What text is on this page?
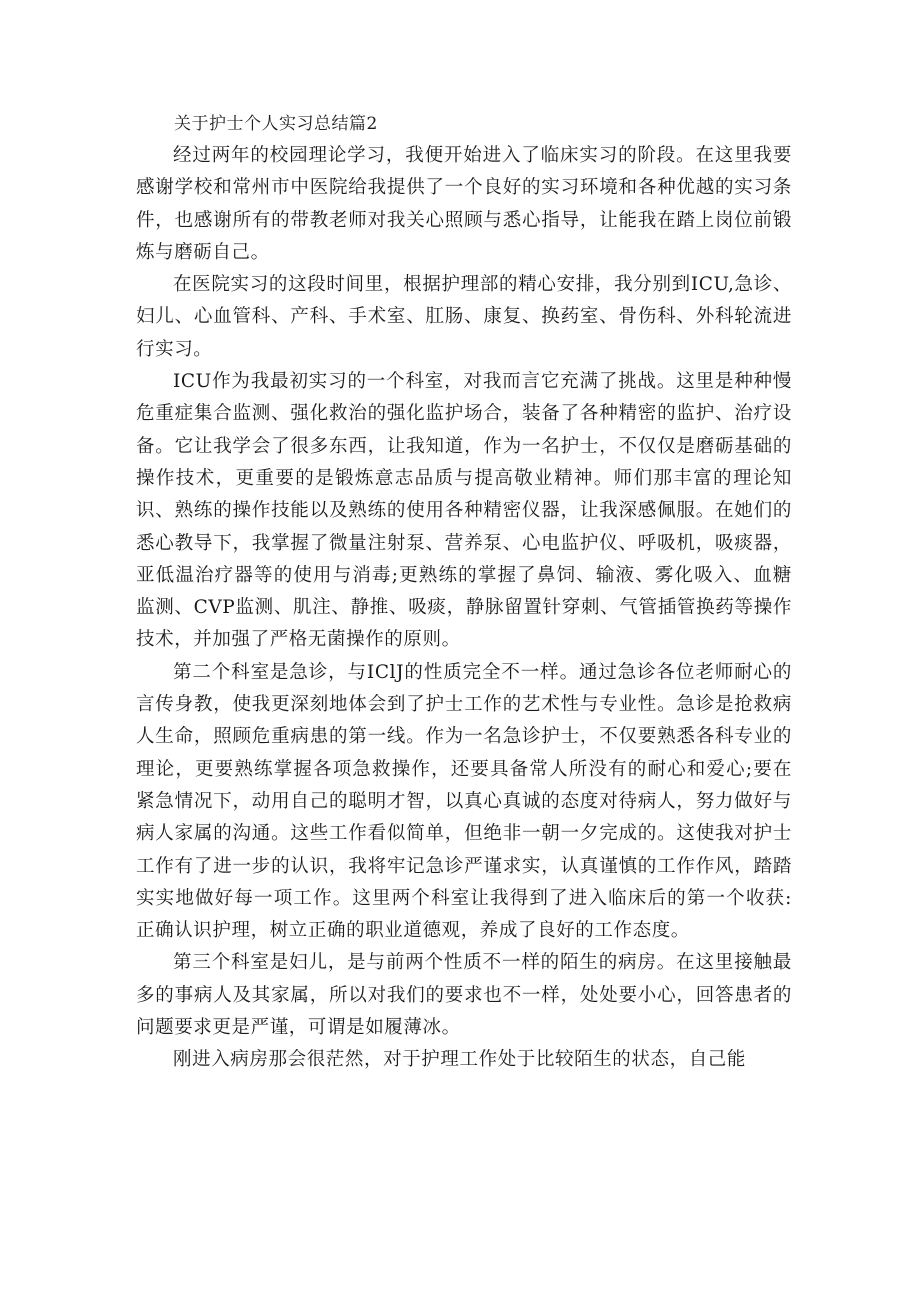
关于护士个人实习总结篇2

经过两年的校园理论学习，我便开始进入了临床实习的阶段。在这里我要感谢学校和常州市中医院给我提供了一个良好的实习环境和各种优越的实习条件，也感谢所有的带教老师对我关心照顾与悉心指导，让能我在踏上岗位前锻炼与磨砺自己。

在医院实习的这段时间里，根据护理部的精心安排，我分别到ICU,急诊、妇儿、心血管科、产科、手术室、肛肠、康复、换药室、骨伤科、外科轮流进行实习。

ICU作为我最初实习的一个科室，对我而言它充满了挑战。这里是种种慢危重症集合监测、强化救治的强化监护场合，装备了各种精密的监护、治疗设备。它让我学会了很多东西，让我知道，作为一名护士，不仅仅是磨砺基础的操作技术，更重要的是锻炼意志品质与提高敬业精神。师们那丰富的理论知识、熟练的操作技能以及熟练的使用各种精密仪器，让我深感佩服。在她们的悉心教导下，我掌握了微量注射泵、营养泵、心电监护仪、呼吸机，吸痰器，亚低温治疗器等的使用与消毒;更熟练的掌握了鼻饲、输液、雾化吸入、血糖监测、CVP监测、肌注、静推、吸痰，静脉留置针穿刺、气管插管换药等操作技术，并加强了严格无菌操作的原则。

第二个科室是急诊，与IClJ的性质完全不一样。通过急诊各位老师耐心的言传身教，使我更深刻地体会到了护士工作的艺术性与专业性。急诊是抢救病人生命，照顾危重病患的第一线。作为一名急诊护士，不仅要熟悉各科专业的理论，更要熟练掌握各项急救操作，还要具备常人所没有的耐心和爱心;要在紧急情况下，动用自己的聪明才智，以真心真诚的态度对待病人，努力做好与病人家属的沟通。这些工作看似简单，但绝非一朝一夕完成的。这使我对护士工作有了进一步的认识，我将牢记急诊严谨求实，认真谨慎的工作作风，踏踏实实地做好每一项工作。这里两个科室让我得到了进入临床后的第一个收获:正确认识护理，树立正确的职业道德观，养成了良好的工作态度。

第三个科室是妇儿，是与前两个性质不一样的陌生的病房。在这里接触最多的事病人及其家属，所以对我们的要求也不一样，处处要小心，回答患者的问题要求更是严谨，可谓是如履薄冰。

刚进入病房那会很茫然，对于护理工作处于比较陌生的状态，自己能
